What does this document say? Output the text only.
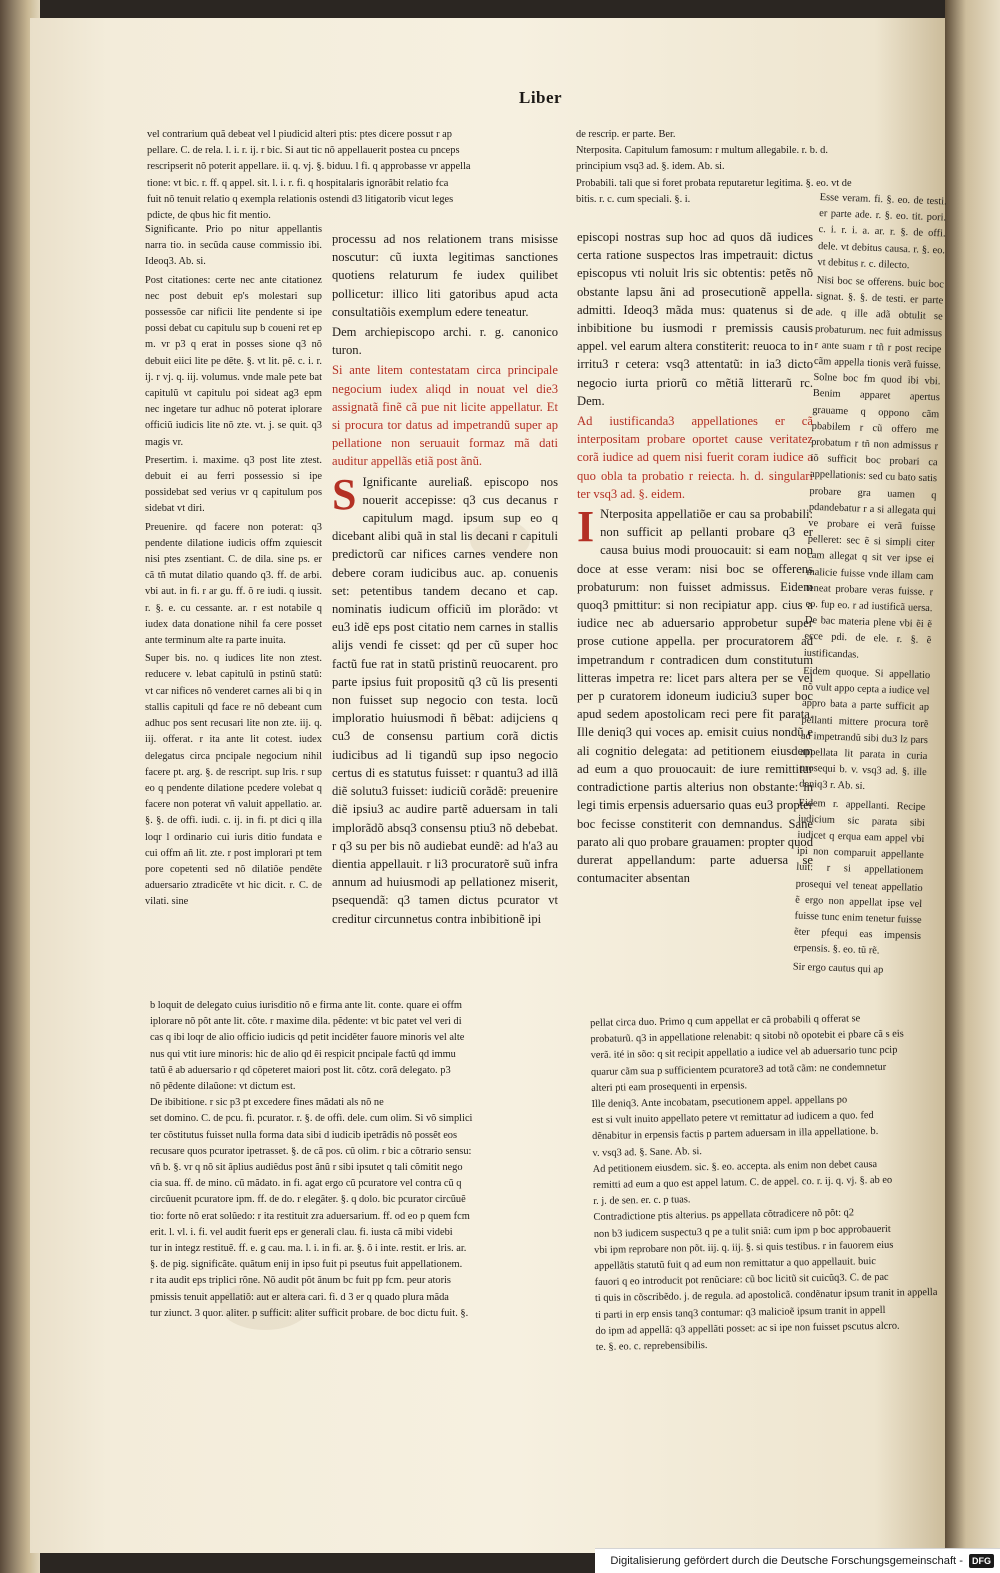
Liber
vel contrarium quã debeat vel l piudicid alteri ptis: ptes dicere possut r ap
pellare. C. de rela. l. i. r. ij. r bic. Si aut tic nõ appellauerit postea cu pnceps
rescripserit nõ poterit appellare. ii. q. vj. §. biduu. l fi. q approbasse vr appella
tione: vt bic. r. ff. q appel. sit. l. i. r. fi. q hospitalaris ignorãbit relatio fca
fuit nõ tenuit relatio q exempla relationis ostendi d3 litigatorib vicut leges
pdicte, de qbus hic fit mentio.

Significante. Prio po nitur appellantis narra tio. in secũda cause commissio ibi. Ideoq3. Ab. si.

Post citationes: certe nec ante citationez nec post debuit ep's molestari sup possessõe car nificii lite pendente si ipe possi debat cu capitulu sup b coueni ret ep m. vr p3 q erat in posses sione q3 nõ debuit eiici lite pe dẽte. §. vt lit. pẽ. c. i. r. ij. r vj. q. iij. volumus. vnde male pete bat capitulũ vt capitulu poi sideat ag3 epm nec ingetare tur adhuc nõ poterat iplorare officiũ iudicis lite nõ zte. vt. j. se quit. q3 magis vr.

Presertim. i. maxime. q3 post lite ztest. debuit ei au ferri possessio si ipe possidebat sed verius vr q capitulum pos sidebat vt diri.

Preuenire. qd facere non poterat: q3 pendente dilatione iudicis offm zquiescit nisi ptes zsentiant. C. de dila. sine ps. er cã tñ mutat dilatio quando q3. ff. de arbi. vbi aut. in fi. r ar gu. ff. õ re iudi. q iussit. r. §. e. cu cessante. ar. r est notabile q iudex data donatione nihil fa cere posset ante terminum alte ra parte inuita.

Super bis. no. q iudices lite non ztest. reducere v. lebat capitulũ in pstinũ statũ: vt car nifices nõ venderet carnes ali bi q in stallis capituli qd face re nõ debeant cum adhuc pos sent recusari lite non zte. iij. q. iij. offerat. r ita ante lit cotest. iudex delegatus circa pncipale negocium nihil facere pt. arg. §. de rescript. sup lris. r sup eo q pendente dilatione pcedere volebat q facere non poterat vñ valuit appellatio. ar. §. §. de offi. iudi. c. ij. in fi. pt dici q illa loqr l ordinario cui iuris ditio fundata e cui offm añ lit. zte. r post implorari pt tem pore copetenti sed nõ dilatiõe pendẽte aduersario ztradicẽte vt hic dicit. r. C. de vilati. sine

processu ad nos relationem trans misisse noscutur: cũ iuxta legitimas sanctiones quotiens relaturum fe iudex quilibet pollicetur: illico liti gatoribus apud acta consultatiõis exemplum edere teneatur.

Dem archiepiscopo archi. r. g. canonico turon.

Si ante litem contestatam circa principale negocium iudex aliqd in nouat vel die3 assignatã finẽ cã pue nit licite appellatur. Et si procura tor datus ad impetrandũ super ap pellatione non seruauit formaz mã dati auditur appellãs etiã post ãnũ.

S Ignificante aureliaß. episcopo nos nouerit accepisse: q3 cus decanus r capitulum magd. ipsum sup eo q dicebant alibi quã in stal lis decani r capituli predictorũ car nifices carnes vendere non debere coram iudicibus auc. ap. conuenis set: petentibus tandem decano et cap. nominatis iudicum officiũ im plorãdo: vt eu3 idẽ eps post citatio nem carnes in stallis alijs vendi fe cisset: qd per cũ super hoc factũ fue rat in statũ pristinũ reuocarent. pro parte ipsius fuit propositũ q3 cũ lis presenti non fuisset sup negocio con testa. locũ imploratio huiusmodi ñ bẽbat: adijciens q cu3 de consensu partium corã dictis iudicibus ad li tigandũ sup ipso negocio certus di es statutus fuisset: r quantu3 ad illã diẽ solutu3 fuisset: iudiciũ corãdẽ: preuenire diẽ ipsiu3 ac audire partẽ aduersam in tali implorãdõ absq3 consensu ptiu3 nõ debebat. r q3 su per bis nõ audiebat eundẽ: ad h'a3 au dientia appellauit. r li3 procuratorẽ suũ infra annum ad huiusmodi ap pellationez miserit, psequendã: q3 tamen dictus pcurator vt creditur circunnetus contra inbibitionẽ ipi

b loquit de delegato cuius iurisditio nõ e firma ante lit. conte. quare ei offm
iplorare nõ põt ante lit. cõte. r maxime dila. pẽdente: vt bic patet vel veri di
cas q ibi loqr de alio officio iudicis qd petit incidẽter fauore minoris vel alte
nus qui vtit iure minoris: hic de alio qd ẽi respicit pncipale factũ qd immu
tatũ ẽ ab aduersario r qd cõpeteret maiori post lit. cõtz. corã delegato. p3
nõ pẽdente dilaũone: vt dictum est.
De ibibitione. r sic p3 pt excedere fines mãdati als nõ ne
set domino. C. de pcu. fi. pcurator. r. §. de offi. dele. cum olim. Si võ simplici
ter cõstitutus fuisset nulla forma data sibi d iudicib ipetrãdis nõ possẽt eos
recusare quos pcurator ipetrasset. §. de cã pos. cũ olim. r bic a cõtrario sensu:
vñ b. §. vr q nõ sit ãplius audiẽdus post ãnũ r sibi ipsutet q tali cõmitit nego
cia sua. ff. de mino. cũ mãdato. in fi. agat ergo cũ pcuratore vel contra cũ q
circũuenit pcuratore ipm. ff. de do. r elegãter. §. q dolo. bic pcurator circũuẽ
tio: forte nõ erat solũedo: r ita restituit zra aduersarium. ff. od eo p quem fcm
erit. l. vl. i. fi. vel audit fuerit eps er generali clau. fi. iusta cã mibi videbi
tur in integz restituẽ. ff. e. g cau. ma. l. i. in fi. ar. §. õ i inte. restit. er lris. ar.
§. de pig. significãte. quãtum enij in ipso fuit pi pseutus fuit appellationem.
r ita audit eps triplici rõne. Nõ audit põt ãnum bc fuit pp fcm. peur atoris
pmissis tenuit appellatiõ: aut er altera cari. fi. d 3 er q quado plura mãda
tur ziunct. 3 quor. aliter. p sufficit: aliter sufficit probare. de boc dictu fuit. §.
de rescrip. er parte. Ber.
Nterposita. Capitulum famosum: r multum allegabile. r. b. d.
principium vsq3 ad. §. idem. Ab. si.
Probabili. tali que si foret probata reputaretur legitima. §. eo. vt de
bitis. r. c. cum speciali. §. i.

episcopi nostras sup hoc ad quos dã iudices certa ratione suspectos lras impetrauit: dictus episcopus vti noluit lris sic obtentis: petẽs nõ obstante lapsu ãni ad prosecutionẽ appella. admitti. Ideoq3 mãda mus: quatenus si de inbibitione bu iusmodi r premissis causis appel. vel earum altera constiterit: reuoca to in irritu3 r cetera: vsq3 attentatũ: in ia3 dicto negocio iurta priorũ co mẽtiã litterarũ rc. Dem.

Ad iustificanda3 appellationes er cã interpositam probare oportet cause veritatez corã iudice ad quem nisi fuerit coram iudice a quo obla ta probatio r reiecta. h. d. singulari ter vsq3 ad. §. eidem.

I Nterposita appellatiõe er cau sa probabili: non sufficit ap pellanti probare q3 er causa buius modi prouocauit: si eam non doce at esse veram: nisi boc se offerens probaturum: non fuisset admissus. Eidem quoq3 pmittitur: si non recipiatur app. cius a iudice nec ab aduersario approbetur super prose cutione appella. per procuratorem ad impetrandum r contradicen dum constitutum litteras impetra re: licet pars altera per se vel per p curatorem idoneum iudiciu3 super boc apud sedem apostolicam reci pere fit parata. Ille deniq3 qui voces ap. emisit cuius nondũ e ali cognitio delegata: ad petitionem eiusdem ad eum a quo prouocauit: de iure remittitur contradictione partis alterius non obstante: in legi timis erpensis aduersario quas eu3 propter boc fecisse constiterit con demnandus. Sane parato ali quo probare grauamen: propter quod durerat appellandum: parte aduersa se contumaciter absentan

Esse veram. fi. §. eo. de testi. er parte ade. r. §. eo. tit. pori. c. i. r. i. a. ar. r. §. de offi. dele. vt debitus causa. r. §. eo. vt debitus r. c. dilecto.

Nisi boc se offerens. buic boc signat. §. §. de testi. er parte ade. q ille adã obtulit se probaturum. nec fuit admissus r ante suam r tñ r post recipe cãm appella tionis verã fuisse. Solne boc fm quod ibi vbi. Benim apparet apertus grauame q oppono cãm pbabilem r cũ offero me probatum r tñ non admissus r iõ sufficit boc probari ca appellationis: sed cu bato satis probare gra uamen q pdandebatur r a si allegata qui ve probare ei verã fuisse pelleret: sec ẽ si simpli citer cam allegat q sit ver ipse ei malicie fuisse vnde illam cam teneat probare veras fuisse. r eo. fup eo. r ad iustificã uersa. De bac materia plene vbi ẽi ẽ ecce pdi. de ele. r. §. ẽ iustificandas.

Eidem quoque. Si appellatio nõ vult appo cepta a iudice vel appro bata a parte sufficit ap pellanti mittere procura torẽ ad impetrandũ sibi du3 lz pars appellata lit parata in curia prosequi b. v. vsq3 ad. §. ille deniq3 r. Ab. si.

Eidem r. appellanti. Recipe iudicium sic parata sibi iudicet q erqua eam appel vbi ipi non comparuit appellante luit: r si appellationem prosequi vel teneat appellatio ẽ ergo non appellat ipse vel fuisse tunc enim tenetur fuisse ẽter pfequi eas impensis erpensis. §. eo. tũ rẽ.

Sir ergo cautus qui ap

pellat circa duo. Primo q cum appellat er cã probabili q offerat se
probaturũ. q3 in appellatione relenabit: q sitobi nõ opotebit ei pbare cã s eis
verã. ité in sõo: q sit recipit appellatio a iudice vel ab aduersario tunc pcip
quarur cãm sua p sufficientem pcuratore3 ad totã cãm: ne condemnetur
alteri pti eam prosequenti in erpensis.
Ille deniq3. Ante incobatam, psecutionem appel. appellans po
est si vult inuito appellato petere vt remittatur ad iudicem a quo. fed
dẽnabitur in erpensis factis p partem aduersam in illa appellatione. b.
v. vsq3 ad. §. Sane. Ab. si.
Ad petitionem eiusdem. sic. §. eo. accepta. als enim non debet causa
remitti ad eum a quo est appel latum. C. de appel. co. r. ij. q. vj. §. ab eo
r. j. de sen. er. c. p tuas.
Contradictione ptis alterius. ps appellata cõtradicere nõ põt: q2
non b3 iudicem suspectu3 q pe a tulit sniã: cum ipm p boc approbauerit
vbi ipm reprobare non põt. iij. q. iij. §. si quis testibus. r in fauorem eius
appellãtis statutũ fuit q ad eum non remittatur a quo appellauit. buic
fauori q eo introducit pot renũciare: cũ boc licitũ sit cuicũq3. C. de pac
ti quis in cõscribẽdo. j. de regula. ad apostolicã. condẽnatur ipsum tranit in appella
ti parti in erp ensis tanq3 contumar: q3 malicioẽ ipsum tranit in appell
do ipm ad appellã: q3 appellãti posset: ac si ipe non fuisset pscutus alcro.
te. §. eo. c. reprebensibilis.
Digitalisierung gefördert durch die Deutsche Forschungsgemeinschaft -	DFG
